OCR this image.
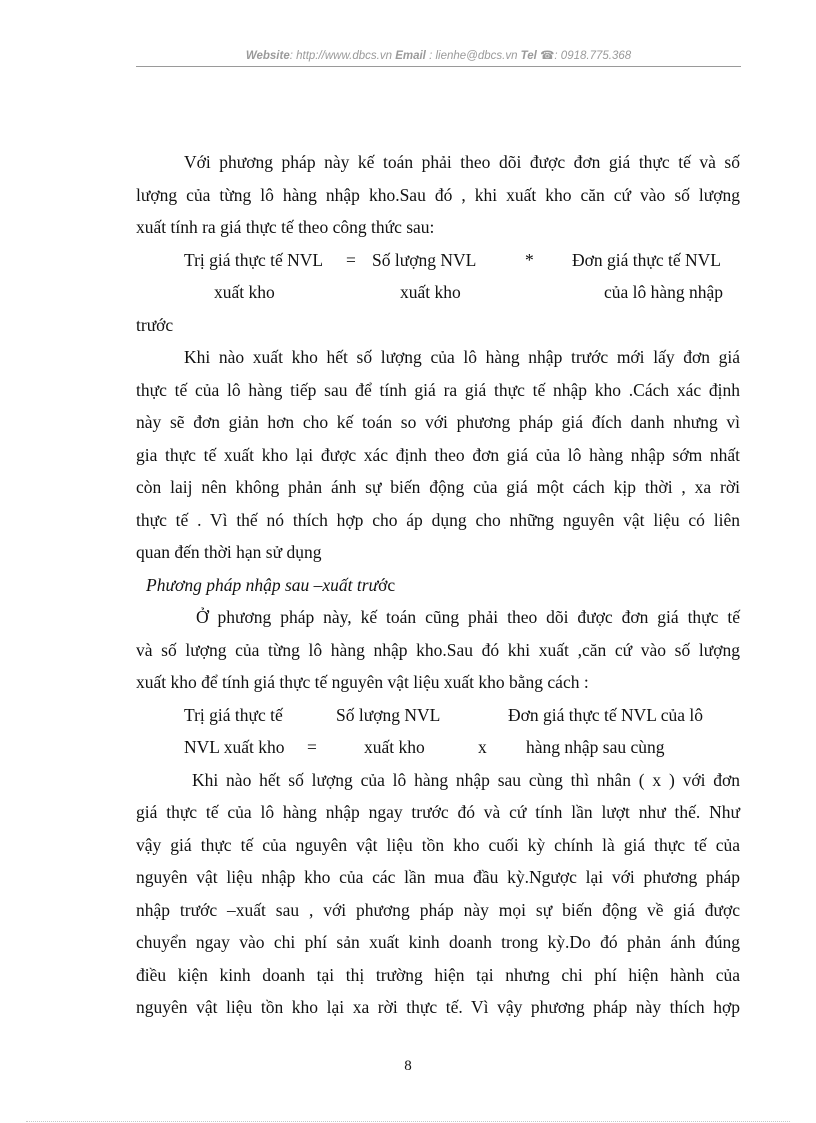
Website: http://www.dbcs.vn Email : lienhe@dbcs.vn Tel ☎: 0918.775.368
Với phương pháp này kế toán phải theo dõi được đơn giá thực tế và số
lượng của từng lô hàng nhập kho.Sau đó , khi xuất kho căn cứ vào số lượng
xuất tính ra giá thực tế theo công thức sau:
Trị giá thực tế NVL = Số lượng NVL	* Đơn giá thực tế NVL
xuất kho	xuất kho	của lô hàng nhập
trước
Khi nào xuất kho hết số lượng của lô hàng nhập trước mới lấy đơn giá
thực tế của lô hàng tiếp sau để tính giá ra giá thực tế nhập kho .Cách xác định
này sẽ đơn giản hơn cho kế toán so với phương pháp giá đích danh nhưng vì
gia thực tế xuất kho lại được xác định theo đơn giá của lô hàng nhập sớm nhất
còn laij nên không phản ánh sự biến động của giá một cách kịp thời , xa rời
thực tế . Vì thế nó thích hợp cho áp dụng cho những nguyên vật liệu có liên
quan đến thời hạn sử dụng
Phương pháp nhập sau –xuất trước
Ở phương pháp này, kế toán cũng phải theo dõi được đơn giá thực tế
và số lượng của từng lô hàng nhập kho.Sau đó khi xuất ,căn cứ vào số lượng
xuất kho để tính giá thực tế nguyên vật liệu xuất kho bằng cách :
Trị giá thực tế	Số lượng NVL	Đơn giá thực tế NVL của lô
NVL xuất kho =	xuất kho	x hàng nhập sau cùng
Khi nào hết số lượng của lô hàng nhập sau cùng thì nhân ( x ) với đơn
giá thực tế của lô hàng nhập ngay trước đó và cứ tính lần lượt như thế. Như
vậy giá thực tế của nguyên vật liệu tồn kho cuối kỳ chính là giá thực tế của
nguyên vật liệu nhập kho của các lần mua đầu kỳ.Ngược lại với phương pháp
nhập trước –xuất sau , với phương pháp này mọi sự biến động về giá được
chuyển ngay vào chi phí sản xuất kinh doanh trong kỳ.Do đó phản ánh đúng
điều kiện kinh doanh tại thị trường hiện tại nhưng chi phí hiện hành của
nguyên vật liệu tồn kho lại xa rời thực tế. Vì vậy phương pháp này thích hợp
8
